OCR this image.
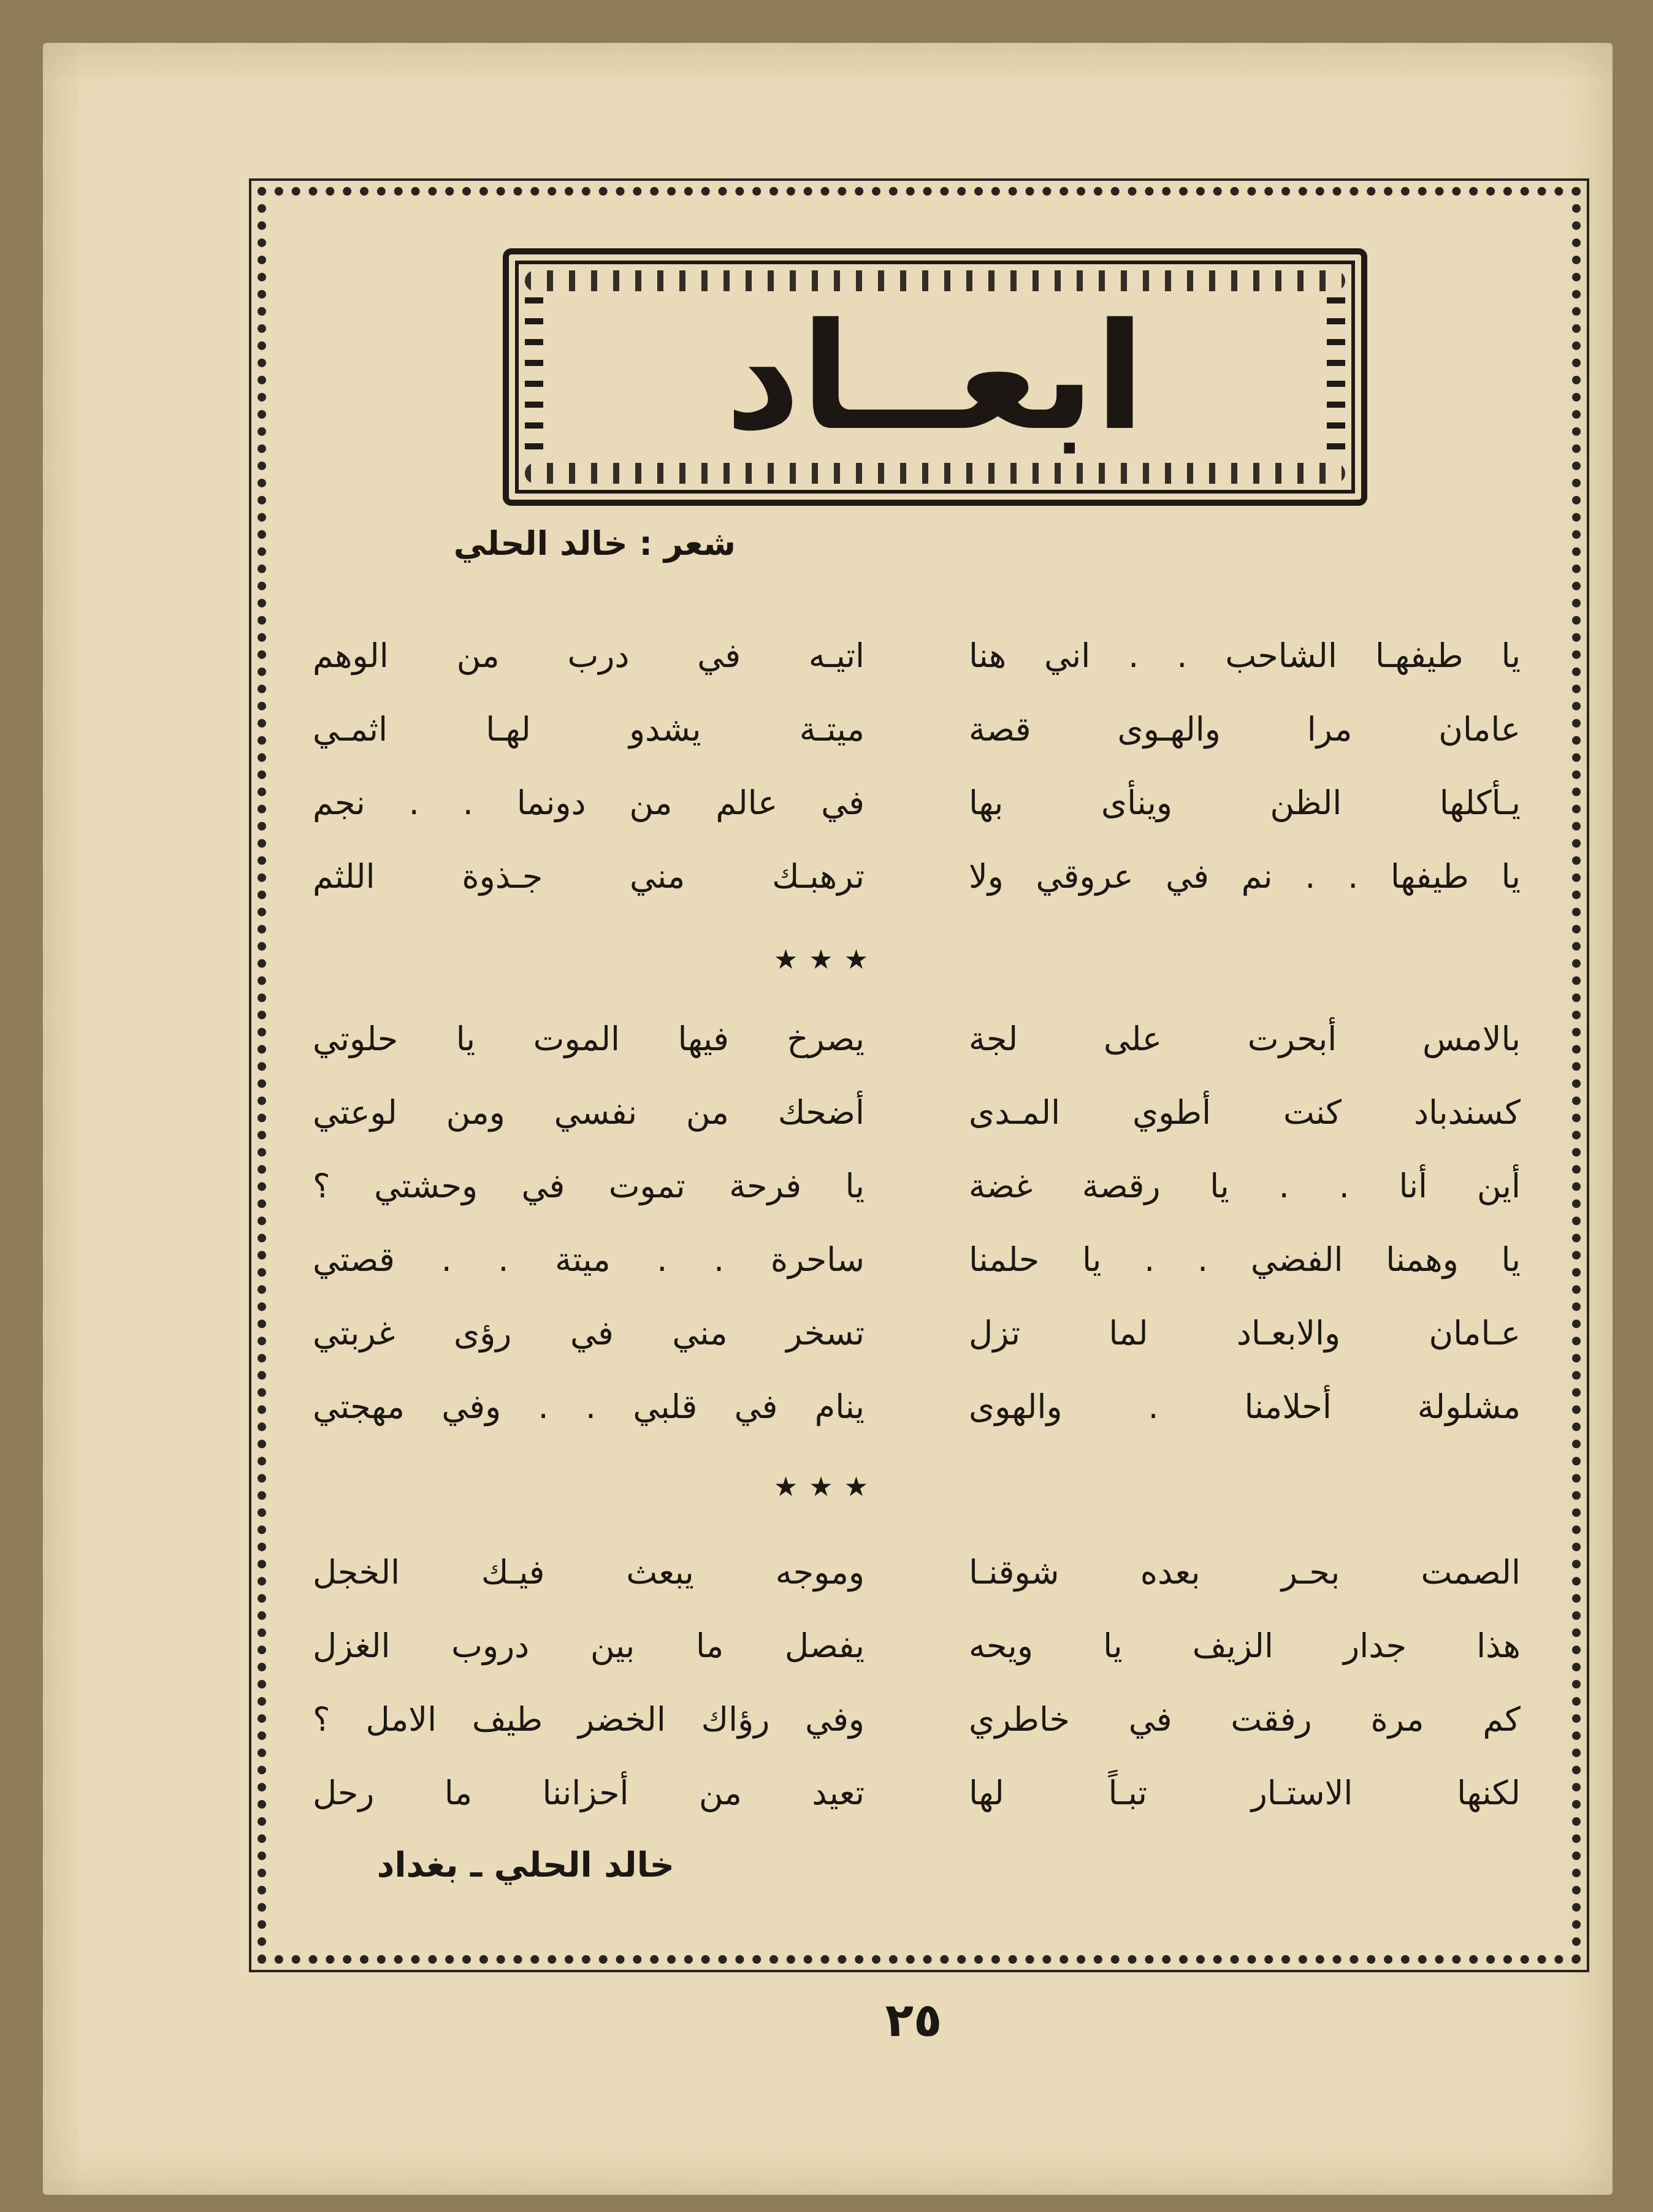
ابعــاد
شعر : خالد الحلي
يا طيفهـا الشاحب . . اني هنا
اتيـه في درب من الوهم
عامان مرا والهـوى قصة
ميتـة يشدو لهـا اثمـي
يـأكلها الظن وينأى بها
في عالم من دونما . . نجم
يا طيفها . . نم في عروقي ولا
ترهبـك مني جـذوة اللثم
★★★
بالامس أبحرت على لجة
يصرخ فيها الموت يا حلوتي
كسندباد كنت أطوي المـدى
أضحك من نفسي ومن لوعتي
أين أنا . . يا رقصة غضة
يا فرحة تموت في وحشتي ؟
يا وهمنا الفضي . . يا حلمنا
ساحرة . . ميتة . . قصتي
عـامان والابعـاد لما تزل
تسخر مني في رؤى غربتي
مشلولة أحلامنا . والهوى
ينام في قلبي . . وفي مهجتي
★★★
الصمت بحـر بعده شوقنـا
وموجه يبعث فيـك الخجل
هذا جدار الزيف يا ويحه
يفصل ما بين دروب الغزل
كم مرة رفقت في خاطري
وفي رؤاك الخضر طيف الامل ؟
لكنها الاستـار تبـاً لها
تعيد من أحزاننا ما رحل
خالد الحلي ـ بغداد
٢٥
